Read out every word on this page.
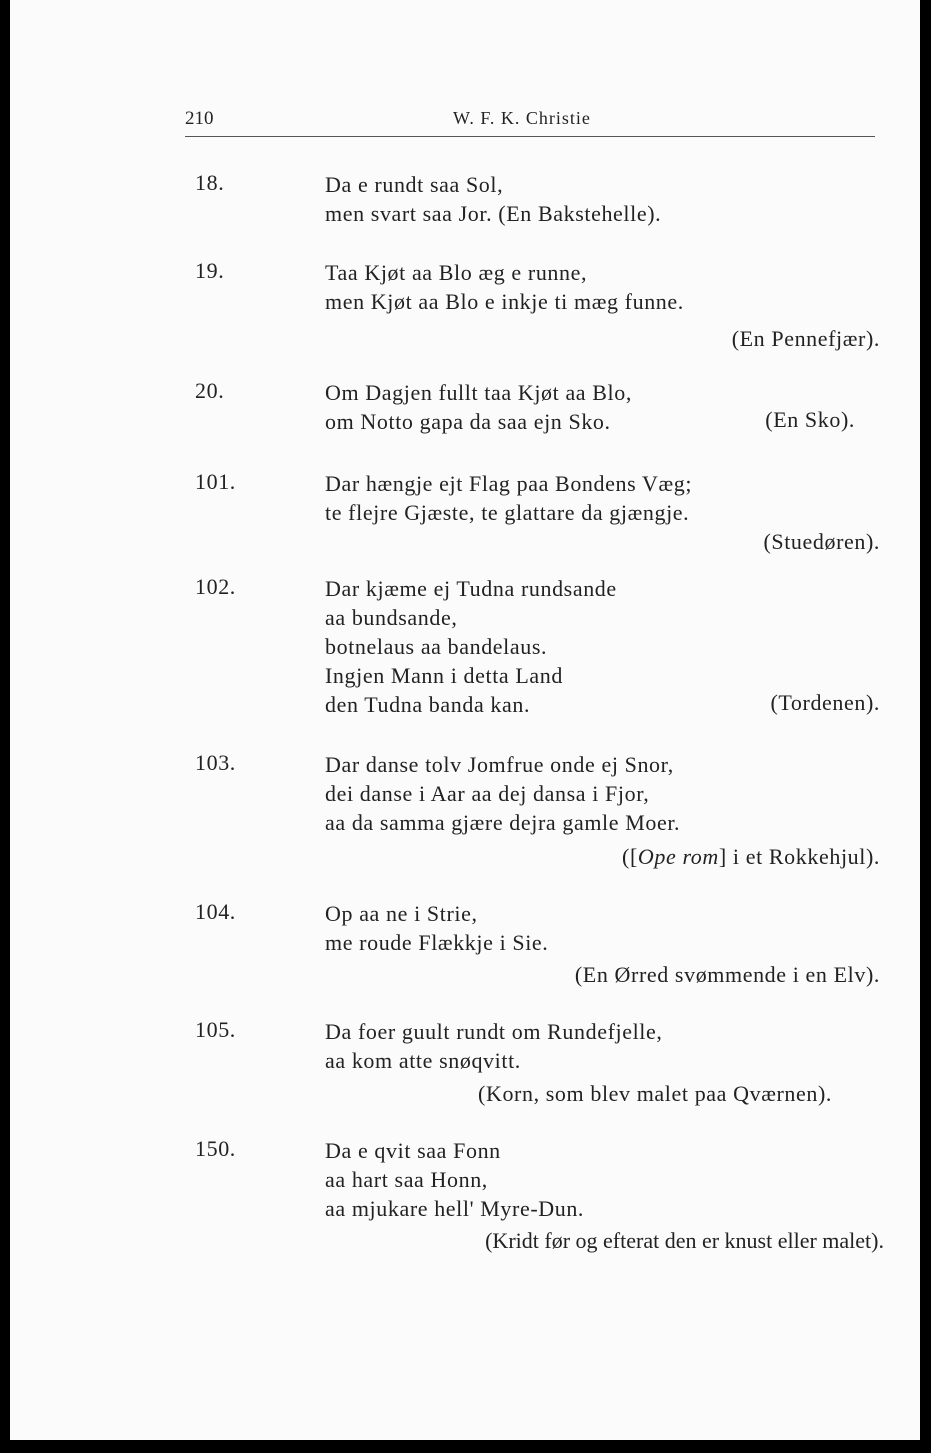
210	W. F. K. Christie
18.	Da e rundt saa Sol,
men svart saa Jor. (En Bakstehelle).
19.	Taa Kjøt aa Blo æg e runne,
men Kjøt aa Blo e inkje ti mæg funne.
(En Pennefjær).
20.	Om Dagjen fullt taa Kjøt aa Blo,
om Notto gapa da saa ejn Sko.	(En Sko).
101.	Dar hængje ejt Flag paa Bondens Væg;
te flejre Gjæste, te glattare da gjængje.
(Stuedøren).
102.	Dar kjæme ej Tudna rundsande
aa bundsande,
botnelaus aa bandelaus.
Ingjen Mann i detta Land
den Tudna banda kan.	(Tordenen).
103.	Dar danse tolv Jomfrue onde ej Snor,
dei danse i Aar aa dej dansa i Fjor,
aa da samma gjære dejra gamle Moer.
([Ope rom] i et Rokkehjul).
104.	Op aa ne i Strie,
me roude Flækkje i Sie.
(En Ørred svømmende i en Elv).
105.	Da foer guult rundt om Rundefjelle,
aa kom atte snøqvitt.
(Korn, som blev malet paa Qværnen).
150.	Da e qvit saa Fonn
aa hart saa Honn,
aa mjukare hell' Myre-Dun.
(Kridt før og efterat den er knust eller malet).
